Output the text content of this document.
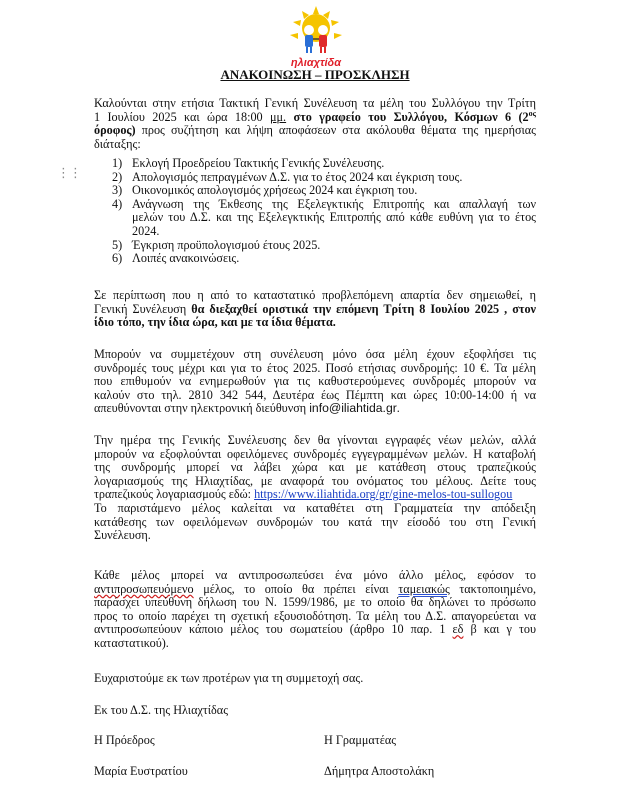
ηλιαχτίδα
ΑΝΑΚΟΙΝΩΣΗ – ΠΡΟΣΚΛΗΣΗ
Καλούνται στην ετήσια Τακτική Γενική Συνέλευση τα μέλη του Συλλόγου την Τρίτη
1 Ιουλίου 2025 και ώρα 18:00 μμ. στο γραφείο του Συλλόγου, Κόσμων 6 ($2^{o\varsigma}$
όροφος) προς συζήτηση και λήψη αποφάσεων στα ακόλουθα θέματα της ημερήσιας
διάταξης:
⋮⋮
1) Εκλογή Προεδρείου Τακτικής Γενικής Συνέλευσης.
2) Απολογισμός πεπραγμένων Δ.Σ. για το έτος 2024 και έγκριση τους.
3) Οικονομικός απολογισμός χρήσεως 2024 και έγκριση του.
4) Ανάγνωση της Έκθεσης της Εξελεγκτικής Επιτροπής και απαλλαγή των
μελών του Δ.Σ. και της Εξελεγκτικής Επιτροπής από κάθε ευθύνη για το έτος
2024.
5) Έγκριση προϋπολογισμού έτους 2025.
6) Λοιπές ανακοινώσεις.
Σε περίπτωση που η από το καταστατικό προβλεπόμενη απαρτία δεν σημειωθεί, η
Γενική Συνέλευση θα διεξαχθεί οριστικά την επόμενη Τρίτη 8 Ιουλίου 2025 , στον
ίδιο τόπο, την ίδια ώρα, και με τα ίδια θέματα.
Μπορούν να συμμετέχουν στη συνέλευση μόνο όσα μέλη έχουν εξοφλήσει τις
συνδρομές τους μέχρι και για το έτος 2025. Ποσό ετήσιας συνδρομής: 10 €. Τα μέλη
που επιθυμούν να ενημερωθούν για τις καθυστερούμενες συνδρομές μπορούν να
καλούν στο τηλ. 2810 342 544, Δευτέρα έως Πέμπτη και ώρες 10:00-14:00 ή να
απευθύνονται στην ηλεκτρονική διεύθυνση info@iliahtida.gr.
Την ημέρα της Γενικής Συνέλευσης δεν θα γίνονται εγγραφές νέων μελών, αλλά
μπορούν να εξοφλούνται οφειλόμενες συνδρομές εγγεγραμμένων μελών. Η καταβολή
της συνδρομής μπορεί να λάβει χώρα και με κατάθεση στους τραπεζικούς
λογαριασμούς της Ηλιαχτίδας, με αναφορά του ονόματος του μέλους. Δείτε τους
τραπεζικούς λογαριασμούς εδώ: https://www.iliahtida.org/gr/gine-melos-tou-sullogou
Το παριστάμενο μέλος καλείται να καταθέτει στη Γραμματεία την απόδειξη
κατάθεσης των οφειλόμενων συνδρομών του κατά την είσοδό του στη Γενική
Συνέλευση.
Κάθε μέλος μπορεί να αντιπροσωπεύσει ένα μόνο άλλο μέλος, εφόσον το
αντιπροσωπευόμενο μέλος, το οποίο θα πρέπει είναι ταμειακώς τακτοποιημένο,
παράσχει υπεύθυνη δήλωση του Ν. 1599/1986, με το οποίο θα δηλώνει το πρόσωπο
προς το οποίο παρέχει τη σχετική εξουσιοδότηση. Τα μέλη του Δ.Σ. απαγορεύεται να
αντιπροσωπεύουν κάποιο μέλος του σωματείου (άρθρο 10 παρ. 1 εδ β και γ του
καταστατικού).
Ευχαριστούμε εκ των προτέρων για τη συμμετοχή σας.
Εκ του Δ.Σ. της Ηλιαχτίδας
Η Πρόεδρος	Η Γραμματέας
Μαρία Ευστρατίου	Δήμητρα Αποστολάκη
